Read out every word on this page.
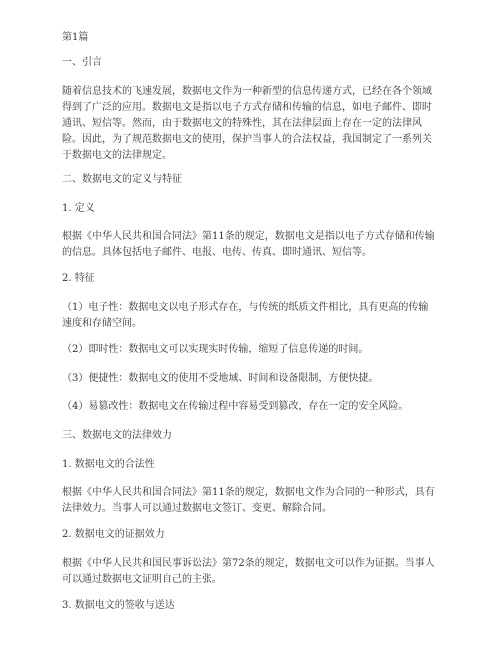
第1篇

一、引言

随着信息技术的飞速发展，数据电文作为一种新型的信息传递方式，已经在各个领域得到了广泛的应用。数据电文是指以电子方式存储和传输的信息，如电子邮件、即时通讯、短信等。然而，由于数据电文的特殊性，其在法律层面上存在一定的法律风险。因此，为了规范数据电文的使用，保护当事人的合法权益，我国制定了一系列关于数据电文的法律规定。

二、数据电文的定义与特征

1. 定义

根据《中华人民共和国合同法》第11条的规定，数据电文是指以电子方式存储和传输的信息。具体包括电子邮件、电报、电传、传真、即时通讯、短信等。

2. 特征

（1）电子性：数据电文以电子形式存在，与传统的纸质文件相比，具有更高的传输速度和存储空间。

（2）即时性：数据电文可以实现实时传输，缩短了信息传递的时间。

（3）便捷性：数据电文的使用不受地域、时间和设备限制，方便快捷。

（4）易篡改性：数据电文在传输过程中容易受到篡改，存在一定的安全风险。

三、数据电文的法律效力

1. 数据电文的合法性

根据《中华人民共和国合同法》第11条的规定，数据电文作为合同的一种形式，具有法律效力。当事人可以通过数据电文签订、变更、解除合同。

2. 数据电文的证据效力

根据《中华人民共和国民事诉讼法》第72条的规定，数据电文可以作为证据。当事人可以通过数据电文证明自己的主张。

3. 数据电文的签收与送达
